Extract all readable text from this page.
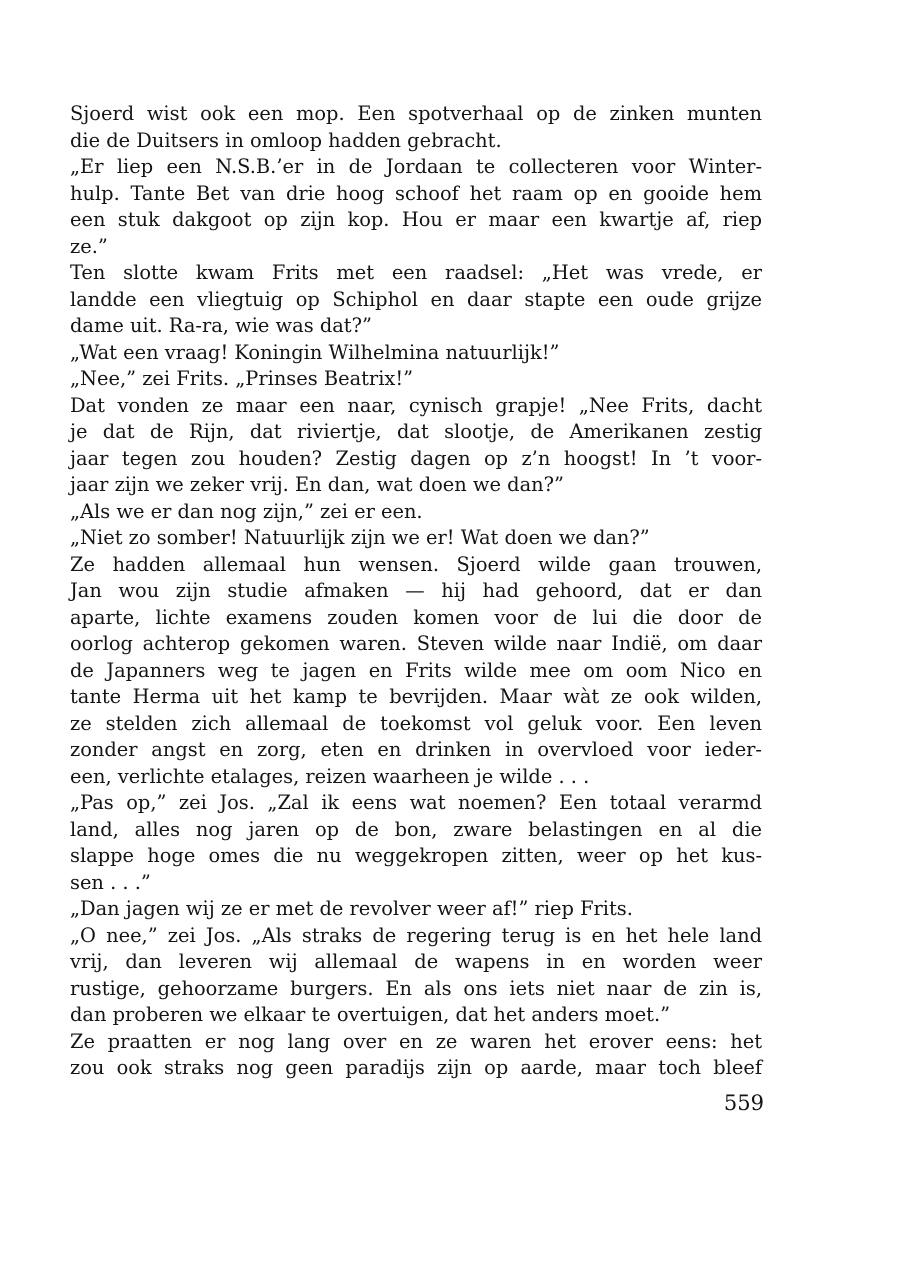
Sjoerd wist ook een mop. Een spotverhaal op de zinken munten
die de Duitsers in omloop hadden gebracht.
„Er liep een N.S.B.’er in de Jordaan te collecteren voor Winter-
hulp. Tante Bet van drie hoog schoof het raam op en gooide hem
een stuk dakgoot op zijn kop. Hou er maar een kwartje af, riep
ze.”
Ten slotte kwam Frits met een raadsel: „Het was vrede, er
landde een vliegtuig op Schiphol en daar stapte een oude grijze
dame uit. Ra-ra, wie was dat?”
„Wat een vraag! Koningin Wilhelmina natuurlijk!”
„Nee,” zei Frits. „Prinses Beatrix!”
Dat vonden ze maar een naar, cynisch grapje! „Nee Frits, dacht
je dat de Rijn, dat riviertje, dat slootje, de Amerikanen zestig
jaar tegen zou houden? Zestig dagen op z’n hoogst! In ’t voor-
jaar zijn we zeker vrij. En dan, wat doen we dan?”
„Als we er dan nog zijn,” zei er een.
„Niet zo somber! Natuurlijk zijn we er! Wat doen we dan?”
Ze hadden allemaal hun wensen. Sjoerd wilde gaan trouwen,
Jan wou zijn studie afmaken — hij had gehoord, dat er dan
aparte, lichte examens zouden komen voor de lui die door de
oorlog achterop gekomen waren. Steven wilde naar Indië, om daar
de Japanners weg te jagen en Frits wilde mee om oom Nico en
tante Herma uit het kamp te bevrijden. Maar wàt ze ook wilden,
ze stelden zich allemaal de toekomst vol geluk voor. Een leven
zonder angst en zorg, eten en drinken in overvloed voor ieder-
een, verlichte etalages, reizen waarheen je wilde . . .
„Pas op,” zei Jos. „Zal ik eens wat noemen? Een totaal verarmd
land, alles nog jaren op de bon, zware belastingen en al die
slappe hoge omes die nu weggekropen zitten, weer op het kus-
sen . . .”
„Dan jagen wij ze er met de revolver weer af!” riep Frits.
„O nee,” zei Jos. „Als straks de regering terug is en het hele land
vrij, dan leveren wij allemaal de wapens in en worden weer
rustige, gehoorzame burgers. En als ons iets niet naar de zin is,
dan proberen we elkaar te overtuigen, dat het anders moet.”
Ze praatten er nog lang over en ze waren het erover eens: het
zou ook straks nog geen paradijs zijn op aarde, maar toch bleef
559
